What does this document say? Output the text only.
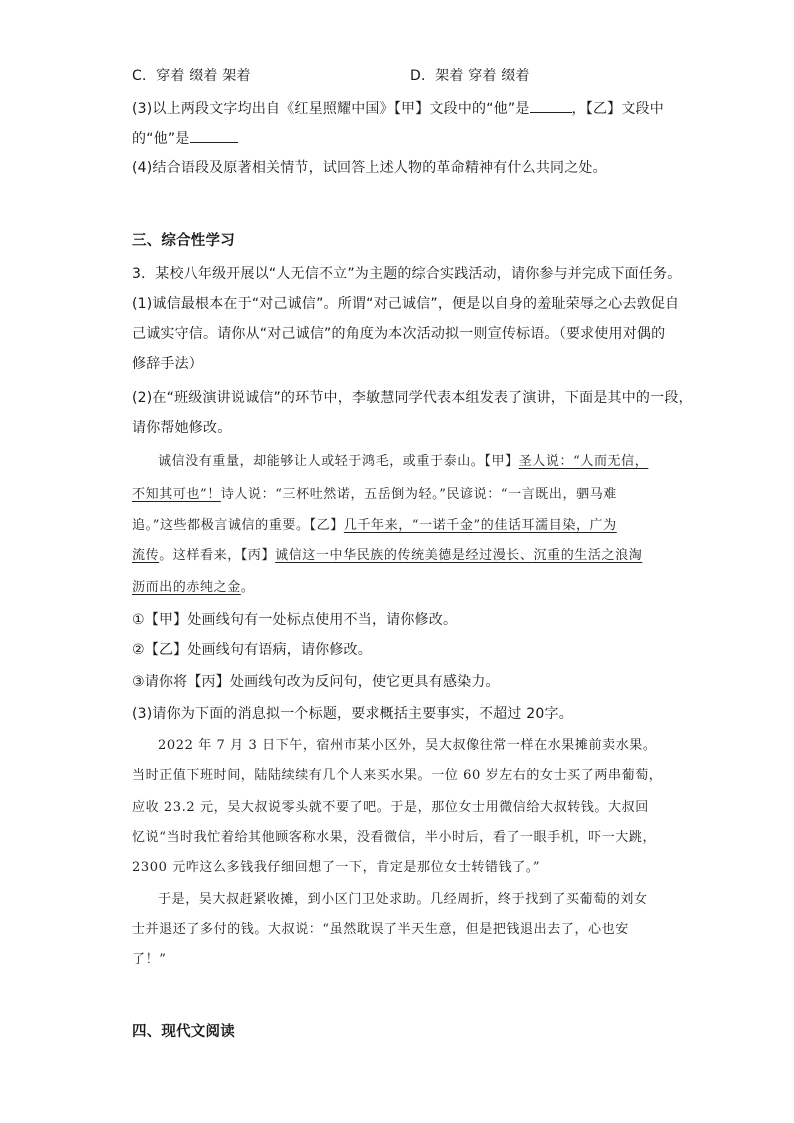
C．穿着 缀着 架着	D．架着 穿着 缀着
(3)以上两段文字均出自《红星照耀中国》【甲】文段中的“他”是	，【乙】文段中
的“他”是
(4)结合语段及原著相关情节，试回答上述人物的革命精神有什么共同之处。
三、综合性学习
3．某校八年级开展以“人无信不立”为主题的综合实践活动，请你参与并完成下面任务。
(1)诚信最根本在于“对己诚信”。所谓“对己诚信”，便是以自身的羞耻荣辱之心去敦促自
己诚实守信。请你从“对己诚信”的角度为本次活动拟一则宣传标语。（要求使用对偶的
修辞手法）
(2)在“班级演讲说诚信”的环节中，李敏慧同学代表本组发表了演讲，下面是其中的一段，
请你帮她修改。
诚信没有重量，却能够让人或轻于鸿毛，或重于泰山。【甲】圣人说：“人而无信，
不知其可也”！诗人说：“三杯吐然诺，五岳倒为轻。”民谚说：“一言既出，驷马难
追。”这些都极言诚信的重要。【乙】几千年来，“一诺千金”的佳话耳濡目染，广为
流传。这样看来，【丙】诚信这一中华民族的传统美德是经过漫长、沉重的生活之浪淘
沥而出的赤纯之金。
①【甲】处画线句有一处标点使用不当，请你修改。
②【乙】处画线句有语病，请你修改。
③请你将【丙】处画线句改为反问句，使它更具有感染力。
(3)请你为下面的消息拟一个标题，要求概括主要事实，不超过 20字。
2022 年 7 月 3 日下午，宿州市某小区外，吴大叔像往常一样在水果摊前卖水果。
当时正值下班时间，陆陆续续有几个人来买水果。一位 60 岁左右的女士买了两串葡萄，
应收 23.2 元，吴大叔说零头就不要了吧。于是，那位女士用微信给大叔转钱。大叔回
忆说“当时我忙着给其他顾客称水果，没看微信，半小时后，看了一眼手机，吓一大跳，
2300 元咋这么多钱我仔细回想了一下，肯定是那位女士转错钱了。”
于是，吴大叔赶紧收摊，到小区门卫处求助。几经周折，终于找到了买葡萄的刘女
士并退还了多付的钱。大叔说：“虽然耽误了半天生意，但是把钱退出去了，心也安
了！”
四、现代文阅读
